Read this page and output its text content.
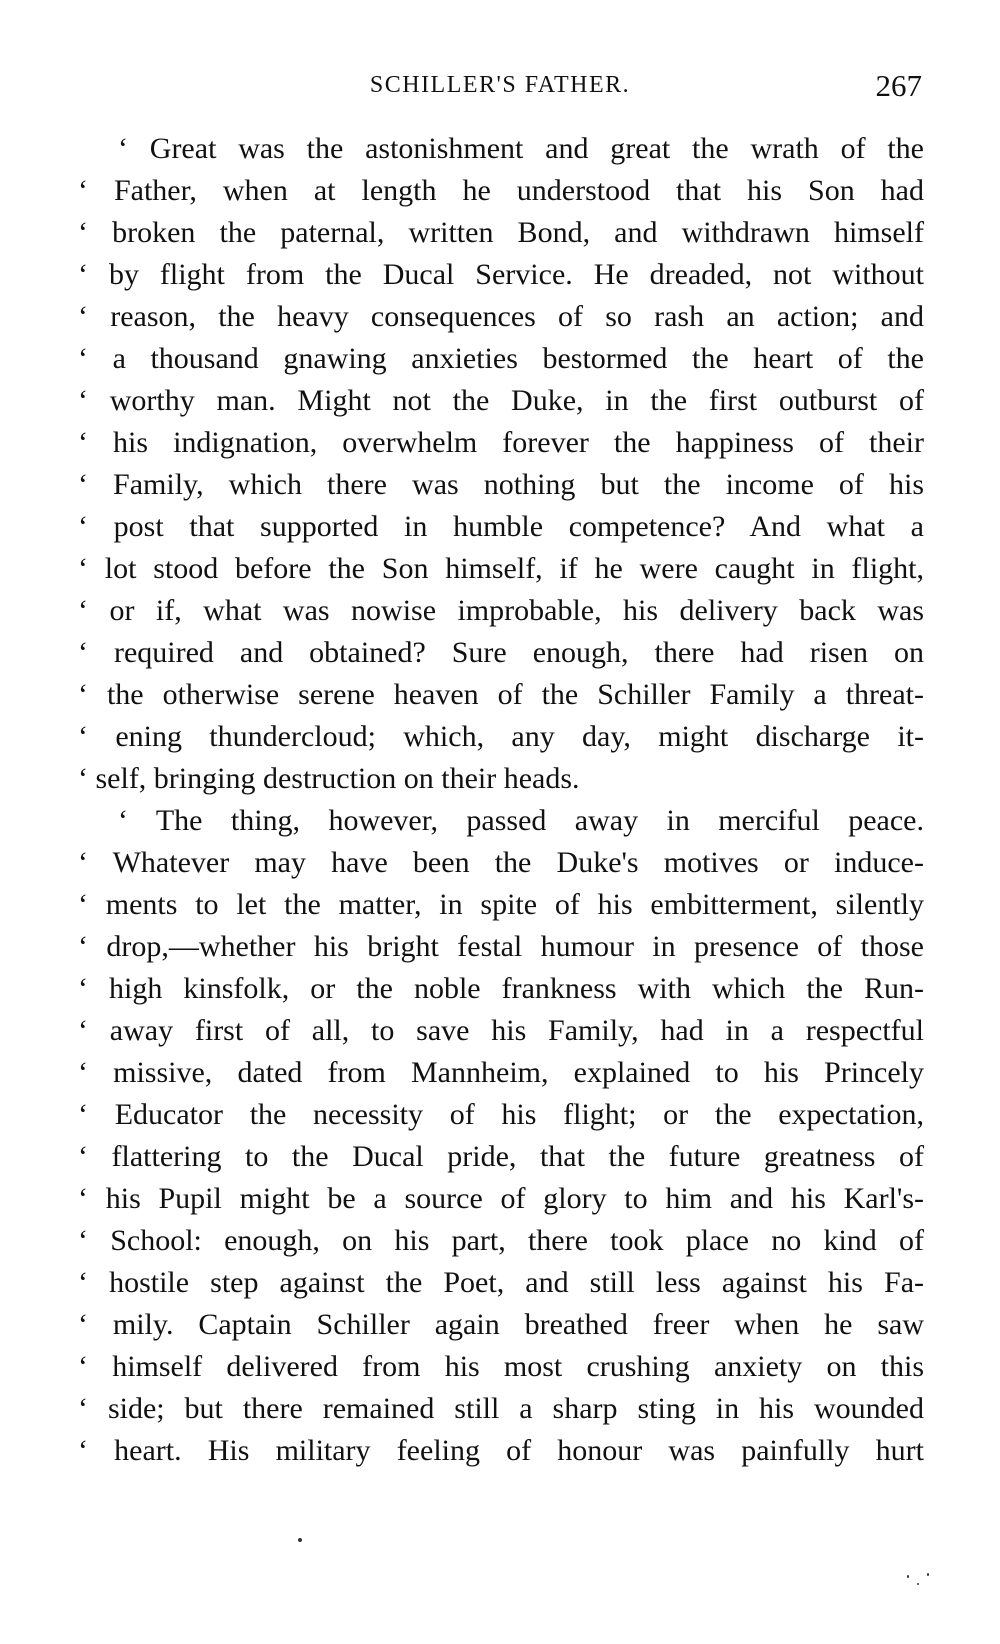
SCHILLER'S FATHER.	267
‘ Great was the astonishment and great the wrath of the
‘ Father, when at length he understood that his Son had
‘ broken the paternal, written Bond, and withdrawn himself
‘ by flight from the Ducal Service. He dreaded, not without
‘ reason, the heavy consequences of so rash an action; and
‘ a thousand gnawing anxieties bestormed the heart of the
‘ worthy man. Might not the Duke, in the first outburst of
‘ his indignation, overwhelm forever the happiness of their
‘ Family, which there was nothing but the income of his
‘ post that supported in humble competence? And what a
‘ lot stood before the Son himself, if he were caught in flight,
‘ or if, what was nowise improbable, his delivery back was
‘ required and obtained? Sure enough, there had risen on
‘ the otherwise serene heaven of the Schiller Family a threat-
‘ ening thundercloud; which, any day, might discharge it-
‘ self, bringing destruction on their heads.
‘ The thing, however, passed away in merciful peace.
‘ Whatever may have been the Duke's motives or induce-
‘ ments to let the matter, in spite of his embitterment, silently
‘ drop,—whether his bright festal humour in presence of those
‘ high kinsfolk, or the noble frankness with which the Run-
‘ away first of all, to save his Family, had in a respectful
‘ missive, dated from Mannheim, explained to his Princely
‘ Educator the necessity of his flight; or the expectation,
‘ flattering to the Ducal pride, that the future greatness of
‘ his Pupil might be a source of glory to him and his Karl's-
‘ School: enough, on his part, there took place no kind of
‘ hostile step against the Poet, and still less against his Fa-
‘ mily. Captain Schiller again breathed freer when he saw
‘ himself delivered from his most crushing anxiety on this
‘ side; but there remained still a sharp sting in his wounded
‘ heart. His military feeling of honour was painfully hurt
